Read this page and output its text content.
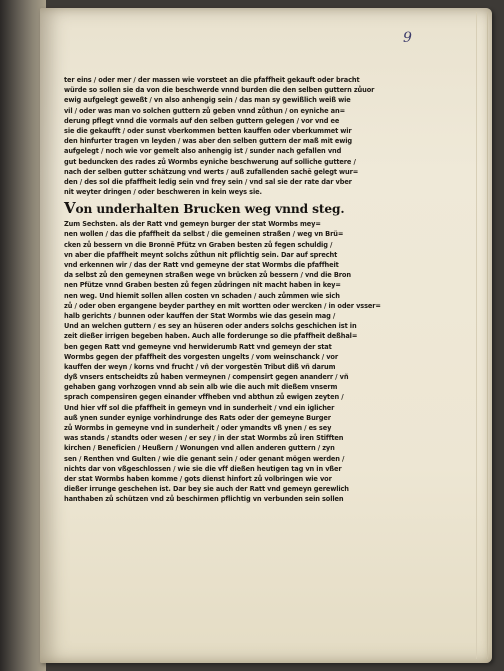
9
ter eins / oder mer / der massen wie vorsteet an die pfaffheit gekauft oder bracht
würde so sollen sie da von die beschwerde vnnd burden die den selben guttern zůuor
ewig aufgelegt geweßt / vn also anhengig sein / das man sy gewißlich weiß wie
vil / oder was man vo solchen guttern zů geben vnnd zůthun / on eyniche an=
derung pflegt vnnd die vormals auf den selben guttern gelegen / vor vnd ee
sie die gekaufft / oder sunst vberkommen betten kauffen oder vberkummet wir
den hinfurter tragen vn leyden / was aber den selben guttern der maß mit ewig
aufgelegt / noch wie vor gemelt also anhengig ist / sunder nach gefallen vnd
gut beduncken des rades zů Wormbs eyniche beschwerung auf solliche guttere /
nach der selben gutter schätzung vnd werts / auß zufallenden sachē gelegt wur=
den / des sol die pfaffheit ledig sein vnd frey sein / vnd sal sie der rate dar vber
nit weyter dringen / oder beschweren in kein weys sie.
Von underhalten Brucken weg vnnd steg.
Zum Sechsten. als der Ratt vnd gemeyn burger der stat Wormbs mey=
nen wollen / das die pfaffheit da selbst / die gemeinen straßen / weg vn Brü=
cken zů bessern vn die Bronnē Pfütz vn Graben besten zů fegen schuldig /
vn aber die pfaffheit meynt solchs zůthun nit pflichtig sein. Dar auf sprecht
vnd erkennen wir / das der Ratt vnd gemeyne der stat Wormbs die pfaffheit
da selbst zů den gemeynen straßen wege vn brücken zů bessern / vnd die Bron
nen Pfütze vnnd Graben besten zů fegen zůdringen nit macht haben in key=
nen weg. Und hiemit sollen allen costen vn schaden / auch zůmmen wie sich
zů / oder oben ergangene beyder parthey en mit wortten oder wercken / in oder vsser=
halb gerichts / bunnen oder kauffen der Stat Wormbs wie das gesein mag /
Und an welchen guttern / es sey an hüseren oder anders solchs geschichen ist in
zeit dießer irrigen begeben haben. Auch alle forderunge so die pfaffheit deßhal=
ben gegen Ratt vnd gemeyne vnd herwiderumb Ratt vnd gemeyn der stat
Wormbs gegen der pfaffheit des vorgesten ungelts / vom weinschanck / vor
kauffen der weyn / korns vnd frucht / vñ der vorgestēn Tribut diß vñ darum
dyß vnsers entscheidts zů haben vermeynen / compensirt gegen ananderr / vñ
gehaben gang vorhzogen vnnd ab sein alb wie die auch mit dießem vnserm
sprach compensiren gegen einander vffheben vnd abthun zů ewigen zeyten /
Und hier vff sol die pfaffheit in gemeyn vnd in sunderheit / vnd ein iglicher
auß ynen sunder eynige vorhindrunge des Rats oder der gemeyne Burger
zů Wormbs in gemeyne vnd in sunderheit / oder ymandts vß ynen / es sey
was stands / standts oder wesen / er sey / in der stat Wormbs zů iren Stifften
kirchen / Beneficien / Heußern / Wonungen vnd allen anderen guttern / zyn
sen / Renthen vnd Gulten / wie die genant sein / oder genant mögen werden /
nichts dar von vßgeschlossen / wie sie die vff dießen heutigen tag vn in vßer
der stat Wormbs haben komme / gots dienst hinfort zů volbringen wie vor
dießer irrunge geschehen ist. Dar bey sie auch der Ratt vnd gemeyn gerewlich
hanthaben zů schützen vnd zů beschirmen pflichtig vn verbunden sein sollen
